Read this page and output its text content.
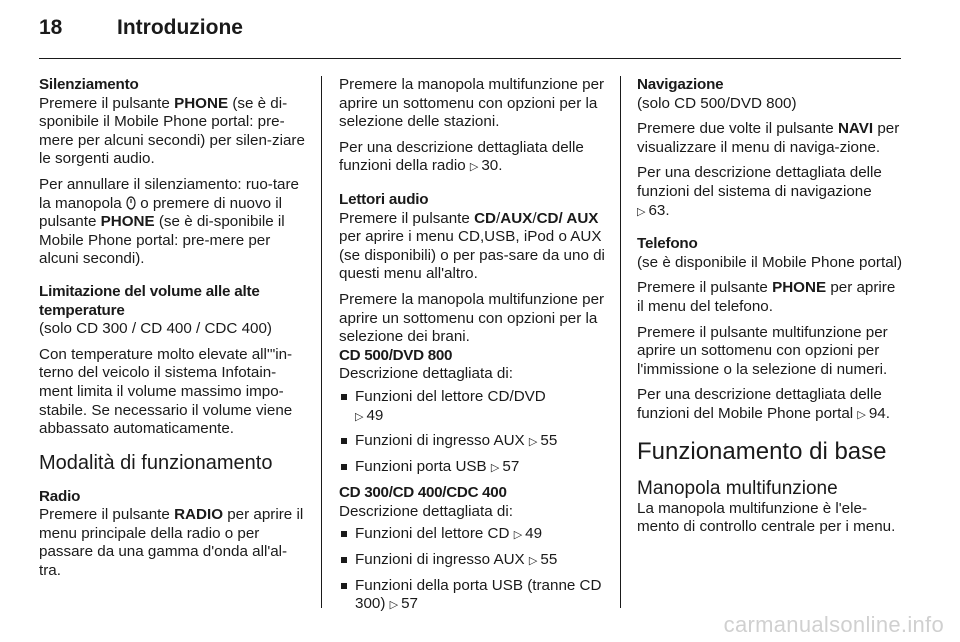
18	Introduzione
Silenziamento

Premere il pulsante PHONE (se è di-sponibile il Mobile Phone portal: pre-mere per alcuni secondi) per silen-ziare le sorgenti audio.

Per annullare il silenziamento: ruo-tare la manopola  o premere di nuovo il pulsante PHONE (se è di-sponibile il Mobile Phone portal: pre-mere per alcuni secondi).

Limitazione del volume alle alte
temperature

(solo CD 300 / CD 400 / CDC 400)

Con temperature molto elevate all'"in-terno del veicolo il sistema Infotain-ment limita il volume massimo impo-stabile. Se necessario il volume viene abbassato automaticamente.

Modalità di funzionamento
Radio

Premere il pulsante RADIO per aprire il menu principale della radio o per passare da una gamma d'onda all'al-tra.

Premere la manopola multifunzione per aprire un sottomenu con opzioni per la selezione delle stazioni.

Per una descrizione dettagliata delle funzioni della radio ▷ 30.

Lettori audio

Premere il pulsante CD/AUX/CD/ AUX per aprire i menu CD,USB, iPod o AUX (se disponibili) o per pas-sare da uno di questi menu all'altro.

Premere la manopola multifunzione per aprire un sottomenu con opzioni per la selezione dei brani.

CD 500/DVD 800

Descrizione dettagliata di:

Funzioni del lettore CD/DVD
▷ 49
Funzioni di ingresso AUX ▷ 55
Funzioni porta USB ▷ 57
CD 300/CD 400/CDC 400

Descrizione dettagliata di:

Funzioni del lettore CD ▷ 49
Funzioni di ingresso AUX ▷ 55
Funzioni della porta USB (tranne CD 300) ▷ 57
Navigazione

(solo CD 500/DVD 800)

Premere due volte il pulsante NAVI per visualizzare il menu di naviga-zione.

Per una descrizione dettagliata delle funzioni del sistema di navigazione ▷ 63.

Telefono

(se è disponibile il Mobile Phone portal)

Premere il pulsante PHONE per aprire il menu del telefono.

Premere il pulsante multifunzione per aprire un sottomenu con opzioni per l'immissione o la selezione di numeri.

Per una descrizione dettagliata delle funzioni del Mobile Phone portal ▷ 94.

Funzionamento di base
Manopola multifunzione

La manopola multifunzione è l'ele-mento di controllo centrale per i menu.

carmanualsonline.info
